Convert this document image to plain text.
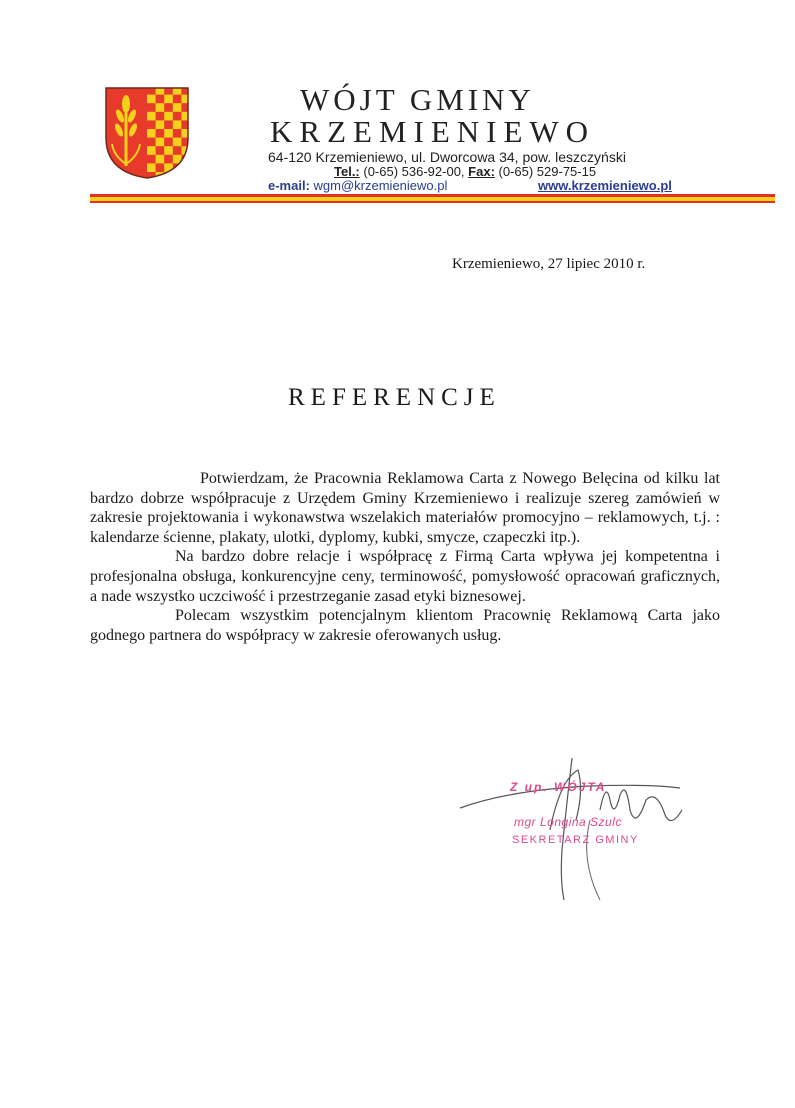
WÓJT GMINY
KRZEMIENIEWO
64-120 Krzemieniewo, ul. Dworcowa 34, pow. leszczyński
Tel.: (0-65) 536-92-00, Fax: (0-65) 529-75-15
e-mail: wgm@krzemieniewo.pl	www.krzemieniewo.pl
Krzemieniewo, 27 lipiec 2010 r.
REFERENCJE

Potwierdzam, że Pracownia Reklamowa Carta z Nowego Belęcina od kilku lat bardzo dobrze współpracuje z Urzędem Gminy Krzemieniewo i realizuje szereg zamówień w zakresie projektowania i wykonawstwa wszelakich materiałów promocyjno – reklamowych, t.j. : kalendarze ścienne, plakaty, ulotki, dyplomy, kubki, smycze, czapeczki itp.).

Na bardzo dobre relacje i współpracę z Firmą Carta wpływa jej kompetentna i profesjonalna obsługa, konkurencyjne ceny, terminowość, pomysłowość opracowań graficznych, a nade wszystko uczciwość i przestrzeganie zasad etyki biznesowej.

Polecam wszystkim potencjalnym klientom Pracownię Reklamową Carta jako godnego partnera do współpracy w zakresie oferowanych usług.

Z up. WÓJTA
mgr Longina Szulc
SEKRETARZ GMINY
